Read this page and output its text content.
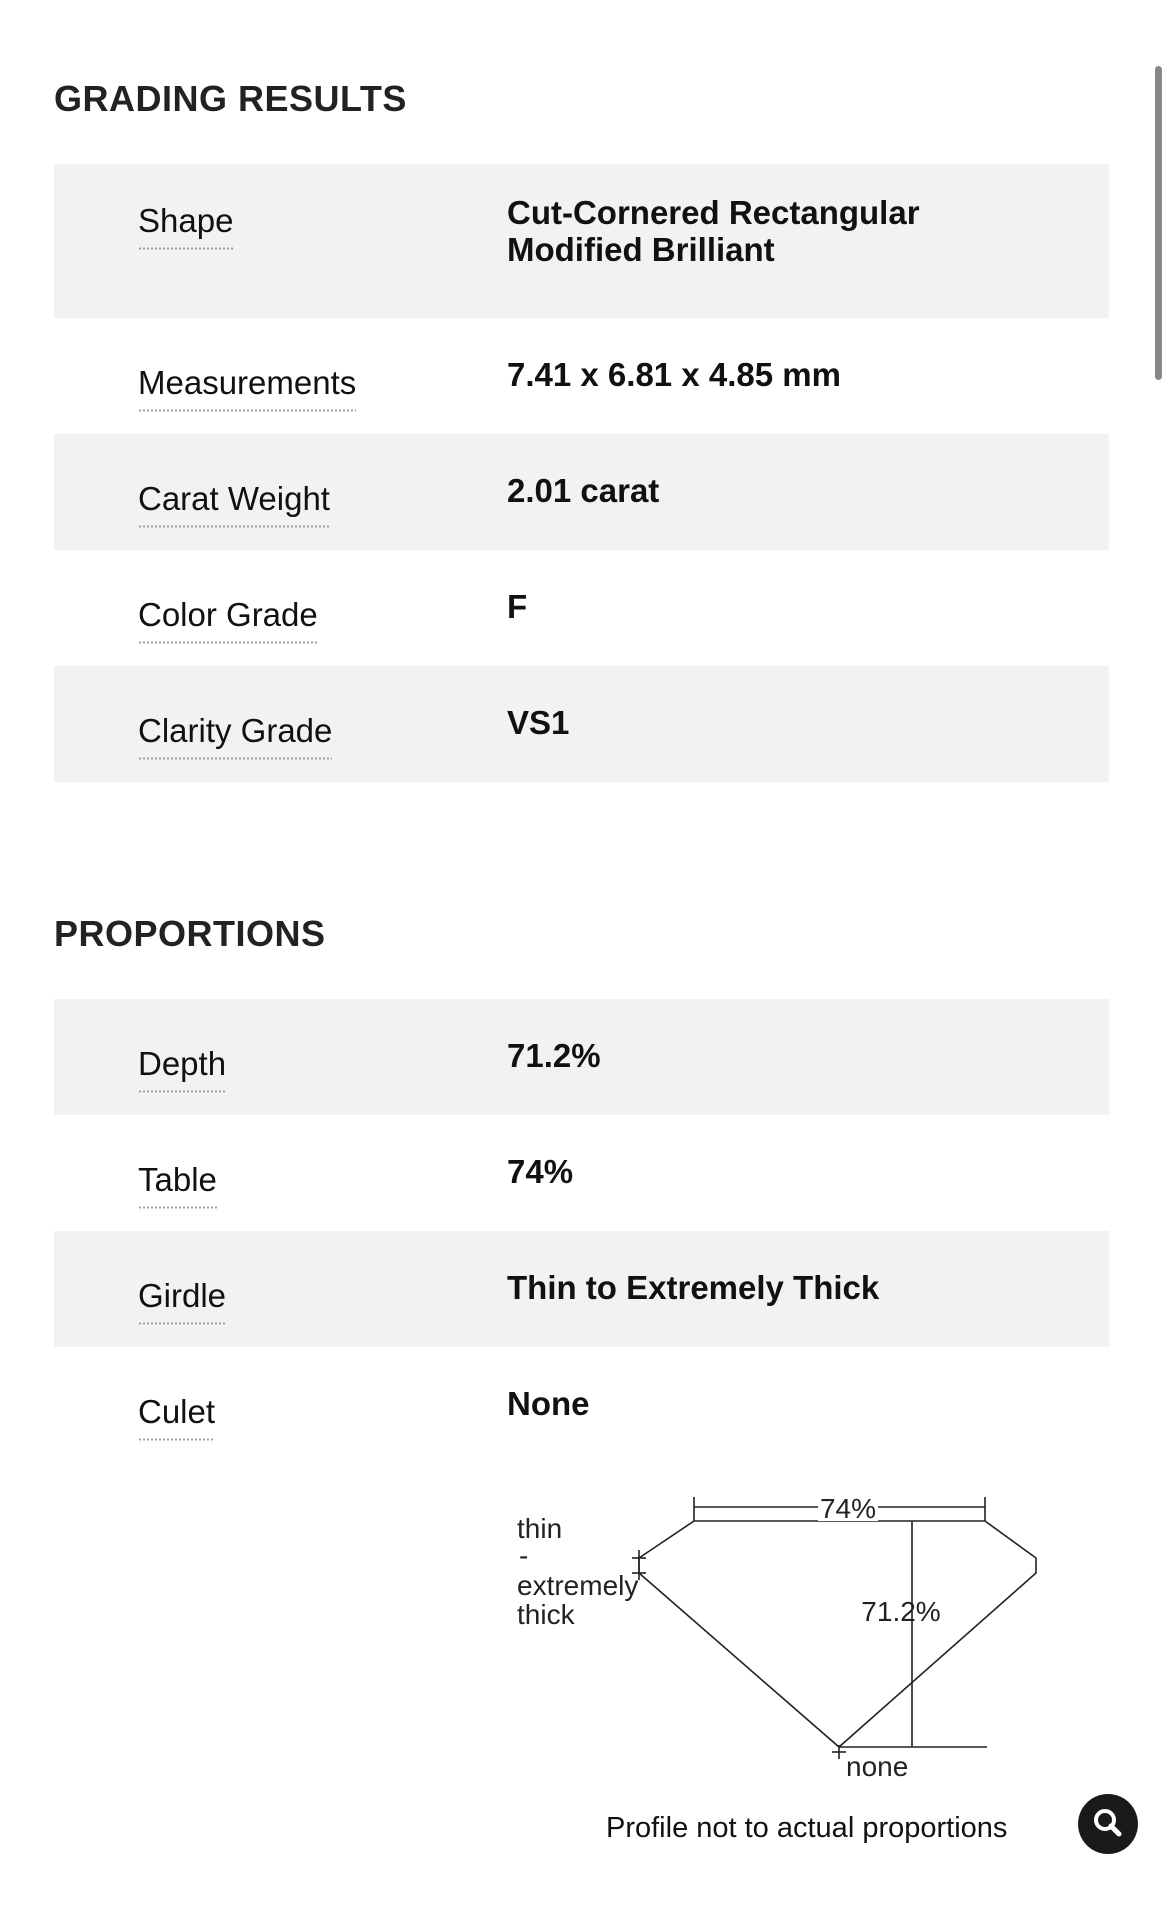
GRADING RESULTS
Shape	Cut-Cornered Rectangular
Modified Brilliant
Measurements	7.41 x 6.81 x 4.85 mm
Carat Weight	2.01 carat
Color Grade	F
Clarity Grade	VS1
PROPORTIONS
Depth	71.2%
Table	74%
Girdle	Thin to Extremely Thick
Culet	None
74%
71.2%
thin
-
extremely
thick
none
Profile not to actual proportions
